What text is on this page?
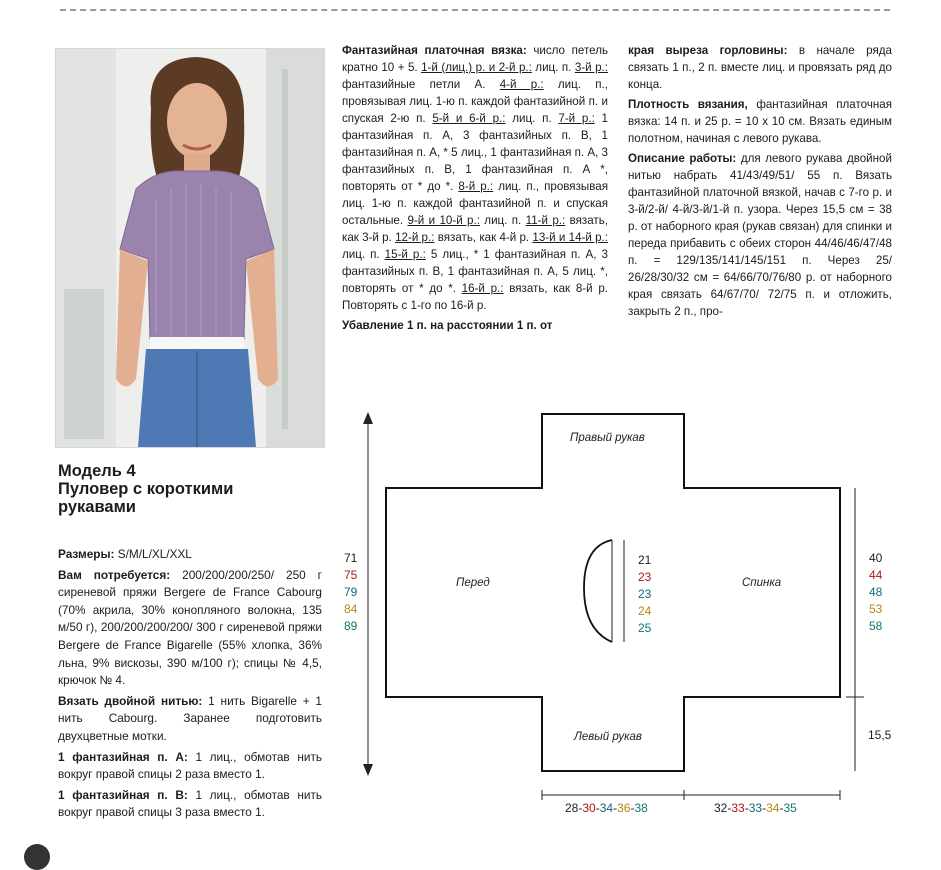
Модель 4
Пуловер с короткими
рукавами

Размеры: S/M/L/XL/XXL

Вам потребуется: 200/200/200/250/ 250 г сиреневой пряжи Bergere de France Cabourg (70% акрила, 30% конопляного волокна, 135 м/50 г), 200/200/200/200/ 300 г сиреневой пряжи Bergere de France Bigarelle (55% хлопка, 36% льна, 9% вискозы, 390 м/100 г); спицы № 4,5, крючок № 4.

Вязать двойной нитью: 1 нить Bigarelle + 1 нить Cabourg. Заранее подготовить двухцветные мотки.

1 фантазийная п. А: 1 лиц., обмотав нить вокруг правой спицы 2 раза вместо 1.

1 фантазийная п. В: 1 лиц., обмотав нить вокруг правой спицы 3 раза вместо 1.

Фантазийная платочная вязка: число петель кратно 10 + 5. 1-й (лиц.) р. и 2-й р.: лиц. п. 3-й р.: фантазийные петли А. 4-й р.: лиц. п., провязывая лиц. 1-ю п. каждой фантазийной п. и спуская 2-ю п. 5-й и 6-й р.: лиц. п. 7-й р.: 1 фантазийная п. А, 3 фантазийных п. В, 1 фантазийная п. А, * 5 лиц., 1 фантазийная п. А, 3 фантазийных п. В, 1 фантазийная п. А *, повторять от * до *. 8-й р.: лиц. п., провязывая лиц. 1-ю п. каждой фантазийной п. и спуская остальные. 9-й и 10-й р.: лиц. п. 11-й р.: вязать, как 3-й р. 12-й р.: вязать, как 4-й р. 13-й и 14-й р.: лиц. п. 15-й р.: 5 лиц., * 1 фантазийная п. А, 3 фантазийных п. В, 1 фантазийная п. А, 5 лиц. *, повторять от * до *. 16-й р.: вязать, как 8-й р. Повторять с 1-го по 16-й р.

Убавление 1 п. на расстоянии 1 п. от

края выреза горловины: в начале ряда связать 1 п., 2 п. вместе лиц. и провязать ряд до конца.

Плотность вязания, фантазийная платочная вязка: 14 п. и 25 р. = 10 х 10 см. Вязать единым полотном, начиная с левого рукава.

Описание работы: для левого рукава двойной нитью набрать 41/43/49/51/ 55 п. Вязать фантазийной платочной вязкой, начав с 7-го р. и 3-й/2-й/ 4-й/3-й/1-й п. узора. Через 15,5 см = 38 р. от наборного края (рукав связан) для спинки и переда прибавить с обеих сторон 44/46/46/47/48 п. = 129/135/141/145/151 п. Через 25/ 26/28/30/32 см = 64/66/70/76/80 р. от наборного края связать 64/67/70/ 72/75 п. и отложить, закрыть 2 п., про-

Правый рукав
Левый рукав
Перед	Спинка
71
75
79
84
89
21
23
23
24
25
40
44
48
53
58
15,5
28-30-34-36-38	32-33-33-34-35
